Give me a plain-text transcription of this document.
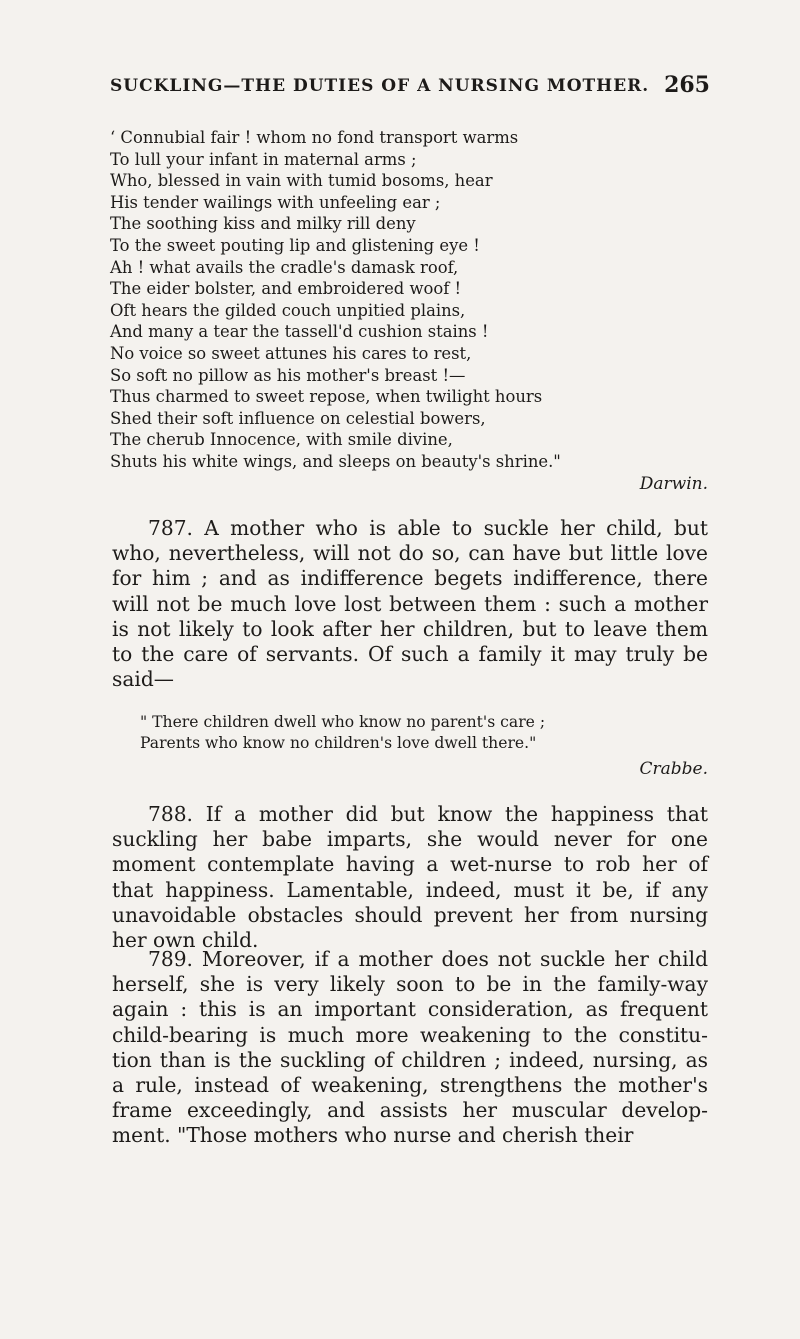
SUCKLING—THE DUTIES OF A NURSING MOTHER. 265
‘ Connubial fair ! whom no fond transport warms
To lull your infant in maternal arms ;
Who, blessed in vain with tumid bosoms, hear
His tender wailings with unfeeling ear ;
The soothing kiss and milky rill deny
To the sweet pouting lip and glistening eye !
Ah ! what avails the cradle's damask roof,
The eider bolster, and embroidered woof !
Oft hears the gilded couch unpitied plains,
And many a tear the tassell'd cushion stains !
No voice so sweet attunes his cares to rest,
So soft no pillow as his mother's breast !—
Thus charmed to sweet repose, when twilight hours
Shed their soft influence on celestial bowers,
The cherub Innocence, with smile divine,
Shuts his white wings, and sleeps on beauty's shrine."
Darwin.
787. A mother who is able to suckle her child, but who, nevertheless, will not do so, can have but little love for him ; and as indifference begets indifference, there will not be much love lost between them : such a mother is not likely to look after her children, but to leave them to the care of servants. Of such a family it may truly be said—
" There children dwell who know no parent's care ;
Parents who know no children's love dwell there."
Crabbe.
788. If a mother did but know the happiness that suckling her babe imparts, she would never for one moment contemplate having a wet-nurse to rob her of that happiness. Lamentable, indeed, must it be, if any unavoidable obstacles should prevent her from nursing her own child.
789. Moreover, if a mother does not suckle her child herself, she is very likely soon to be in the family-way again : this is an important consideration, as frequent child-bearing is much more weakening to the constitu- tion than is the suckling of children ; indeed, nursing, as a rule, instead of weakening, strengthens the mother's frame exceedingly, and assists her muscular develop- ment. "Those mothers who nurse and cherish their
